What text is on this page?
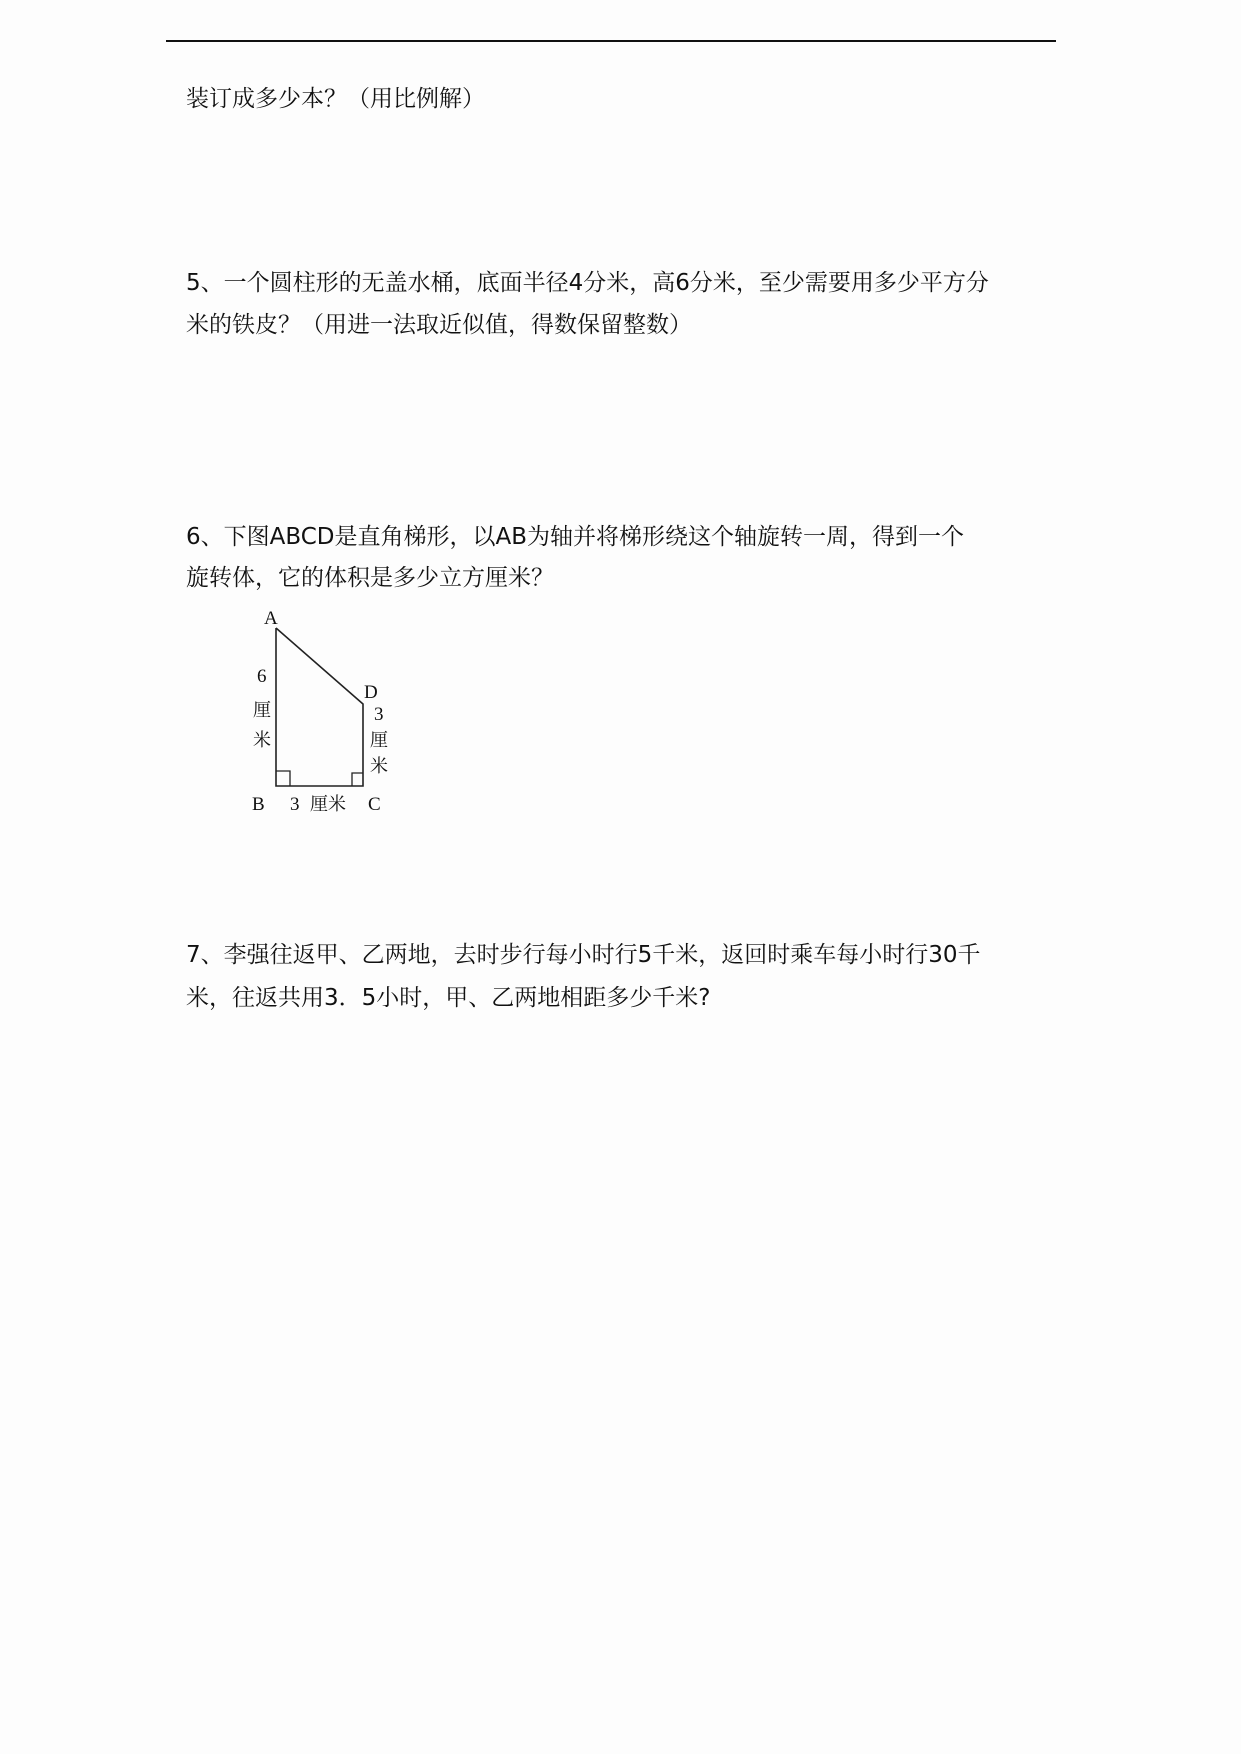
装订成多少本？（用比例解）
5、一个圆柱形的无盖水桶，底面半径4分米，高6分米，至少需要用多少平方分
米的铁皮？（用进一法取近似值，得数保留整数）
6、下图ABCD是直角梯形，以AB为轴并将梯形绕这个轴旋转一周，得到一个
旋转体，它的体积是多少立方厘米？
A
B	C
D
6
厘
米
3 厘米
3
厘
米
7、李强往返甲、乙两地，去时步行每小时行5千米，返回时乘车每小时行30千
米，往返共用3．5小时，甲、乙两地相距多少千米?
